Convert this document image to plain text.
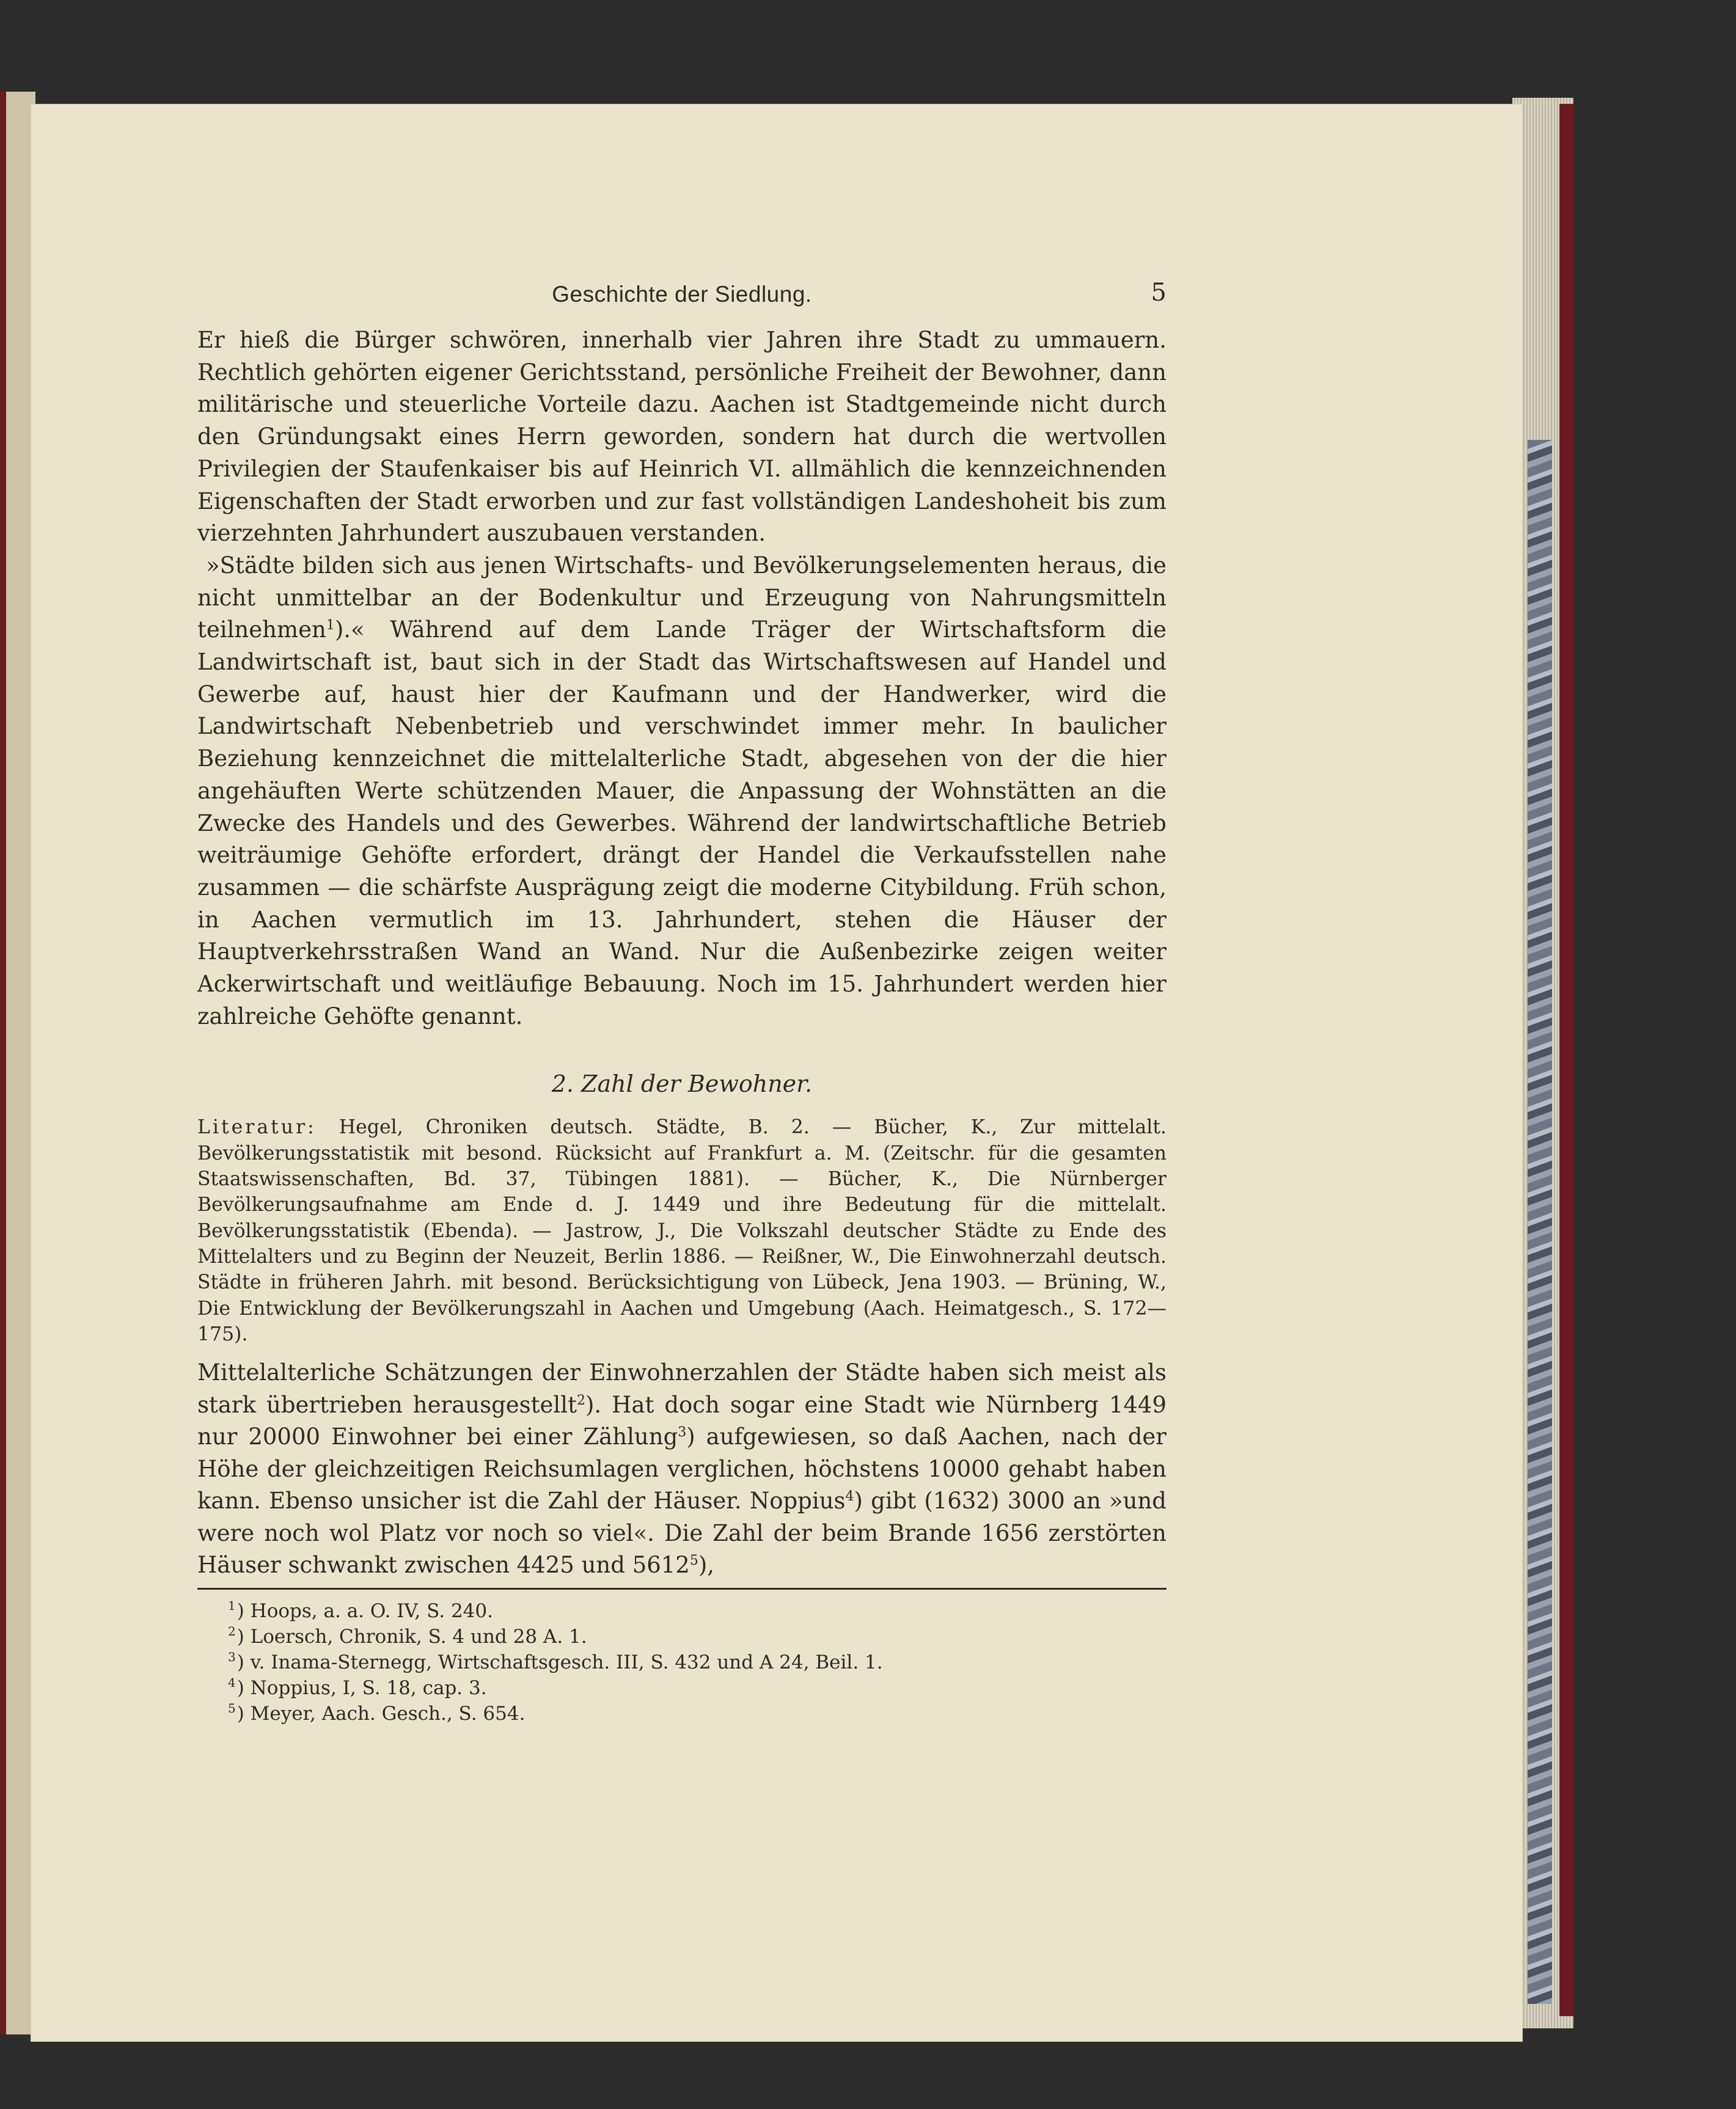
Geschichte der Siedlung.	5

Er hieß die Bürger schwören, innerhalb vier Jahren ihre Stadt zu ummauern. Rechtlich gehörten eigener Gerichtsstand, persönliche Freiheit der Bewohner, dann militärische und steuerliche Vorteile dazu. Aachen ist Stadtgemeinde nicht durch den Gründungsakt eines Herrn geworden, sondern hat durch die wertvollen Privilegien der Staufenkaiser bis auf Heinrich VI. allmählich die kennzeichnenden Eigenschaften der Stadt erworben und zur fast vollständigen Landeshoheit bis zum vierzehnten Jahrhundert auszubauen verstanden.

»Städte bilden sich aus jenen Wirtschafts- und Bevölkerungselementen heraus, die nicht unmittelbar an der Bodenkultur und Erzeugung von Nahrungsmitteln teilnehmen$^1$).« Während auf dem Lande Träger der Wirtschaftsform die Landwirtschaft ist, baut sich in der Stadt das Wirtschaftswesen auf Handel und Gewerbe auf, haust hier der Kaufmann und der Handwerker, wird die Landwirtschaft Nebenbetrieb und verschwindet immer mehr. In baulicher Beziehung kennzeichnet die mittelalterliche Stadt, abgesehen von der die hier angehäuften Werte schützenden Mauer, die Anpassung der Wohnstätten an die Zwecke des Handels und des Gewerbes. Während der landwirtschaftliche Betrieb weiträumige Gehöfte erfordert, drängt der Handel die Verkaufsstellen nahe zusammen — die schärfste Ausprägung zeigt die moderne Citybildung. Früh schon, in Aachen vermutlich im 13. Jahrhundert, stehen die Häuser der Hauptverkehrsstraßen Wand an Wand. Nur die Außenbezirke zeigen weiter Ackerwirtschaft und weitläufige Bebauung. Noch im 15. Jahrhundert werden hier zahlreiche Gehöfte genannt.

2. Zahl der Bewohner.

Literatur: Hegel, Chroniken deutsch. Städte, B. 2. — Bücher, K., Zur mittelalt. Bevölkerungsstatistik mit besond. Rücksicht auf Frankfurt a. M. (Zeitschr. für die gesamten Staatswissenschaften, Bd. 37, Tübingen 1881). — Bücher, K., Die Nürnberger Bevölkerungsaufnahme am Ende d. J. 1449 und ihre Bedeutung für die mittelalt. Bevölkerungsstatistik (Ebenda). — Jastrow, J., Die Volkszahl deutscher Städte zu Ende des Mittelalters und zu Beginn der Neuzeit, Berlin 1886. — Reißner, W., Die Einwohnerzahl deutsch. Städte in früheren Jahrh. mit besond. Berücksichtigung von Lübeck, Jena 1903. — Brüning, W., Die Entwicklung der Bevölkerungszahl in Aachen und Umgebung (Aach. Heimatgesch., S. 172—175).

Mittelalterliche Schätzungen der Einwohnerzahlen der Städte haben sich meist als stark übertrieben herausgestellt$^2$). Hat doch sogar eine Stadt wie Nürnberg 1449 nur 20000 Einwohner bei einer Zählung$^3$) aufgewiesen, so daß Aachen, nach der Höhe der gleichzeitigen Reichsumlagen verglichen, höchstens 10000 gehabt haben kann. Ebenso unsicher ist die Zahl der Häuser. Noppius$^4$) gibt (1632) 3000 an »und were noch wol Platz vor noch so viel«. Die Zahl der beim Brande 1656 zerstörten Häuser schwankt zwischen 4425 und 5612$^5$),

$^1$) Hoops, a. a. O. IV, S. 240.
$^2$) Loersch, Chronik, S. 4 und 28 A. 1.
$^3$) v. Inama-Sternegg, Wirtschaftsgesch. III, S. 432 und A 24, Beil. 1.
$^4$) Noppius, I, S. 18, cap. 3.
$^5$) Meyer, Aach. Gesch., S. 654.
